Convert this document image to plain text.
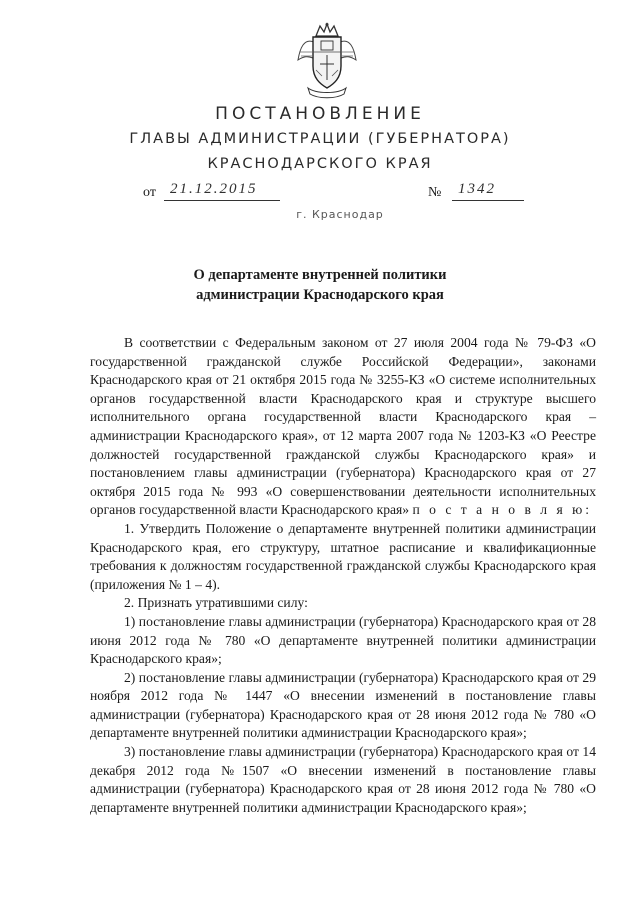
ПОСТАНОВЛЕНИЕ
ГЛАВЫ АДМИНИСТРАЦИИ (ГУБЕРНАТОРА)
КРАСНОДАРСКОГО КРАЯ
от 21.12.2015	№ 1342
г. Краснодар
О департаменте внутренней политики
администрации Краснодарского края

В соответствии с Федеральным законом от 27 июля 2004 года № 79-ФЗ «О государственной гражданской службе Российской Федерации», законами Краснодарского края от 21 октября 2015 года № 3255-КЗ «О системе исполнительных органов государственной власти Краснодарского края и структуре высшего исполнительного органа государственной власти Краснодарского края – администрации Краснодарского края», от 12 марта 2007 года № 1203-КЗ «О Реестре должностей государственной гражданской службы Краснодарского края» и постановлением главы администрации (губернатора) Краснодарского края от 27 октября 2015 года № 993 «О совершенствовании деятельности исполнительных органов государственной власти Краснодарского края» п о с т а н о в л я ю:

1. Утвердить Положение о департаменте внутренней политики администрации Краснодарского края, его структуру, штатное расписание и квалификационные требования к должностям государственной гражданской службы Краснодарского края (приложения № 1 – 4).

2. Признать утратившими силу:

1) постановление главы администрации (губернатора) Краснодарского края от 28 июня 2012 года № 780 «О департаменте внутренней политики администрации Краснодарского края»;

2) постановление главы администрации (губернатора) Краснодарского края от 29 ноября 2012 года № 1447 «О внесении изменений в постановление главы администрации (губернатора) Краснодарского края от 28 июня 2012 года № 780 «О департаменте внутренней политики администрации Краснодарского края»;

3) постановление главы администрации (губернатора) Краснодарского края от 14 декабря 2012 года №1507 «О внесении изменений в постановление главы администрации (губернатора) Краснодарского края от 28 июня 2012 года № 780 «О департаменте внутренней политики администрации Краснодарского края»;
